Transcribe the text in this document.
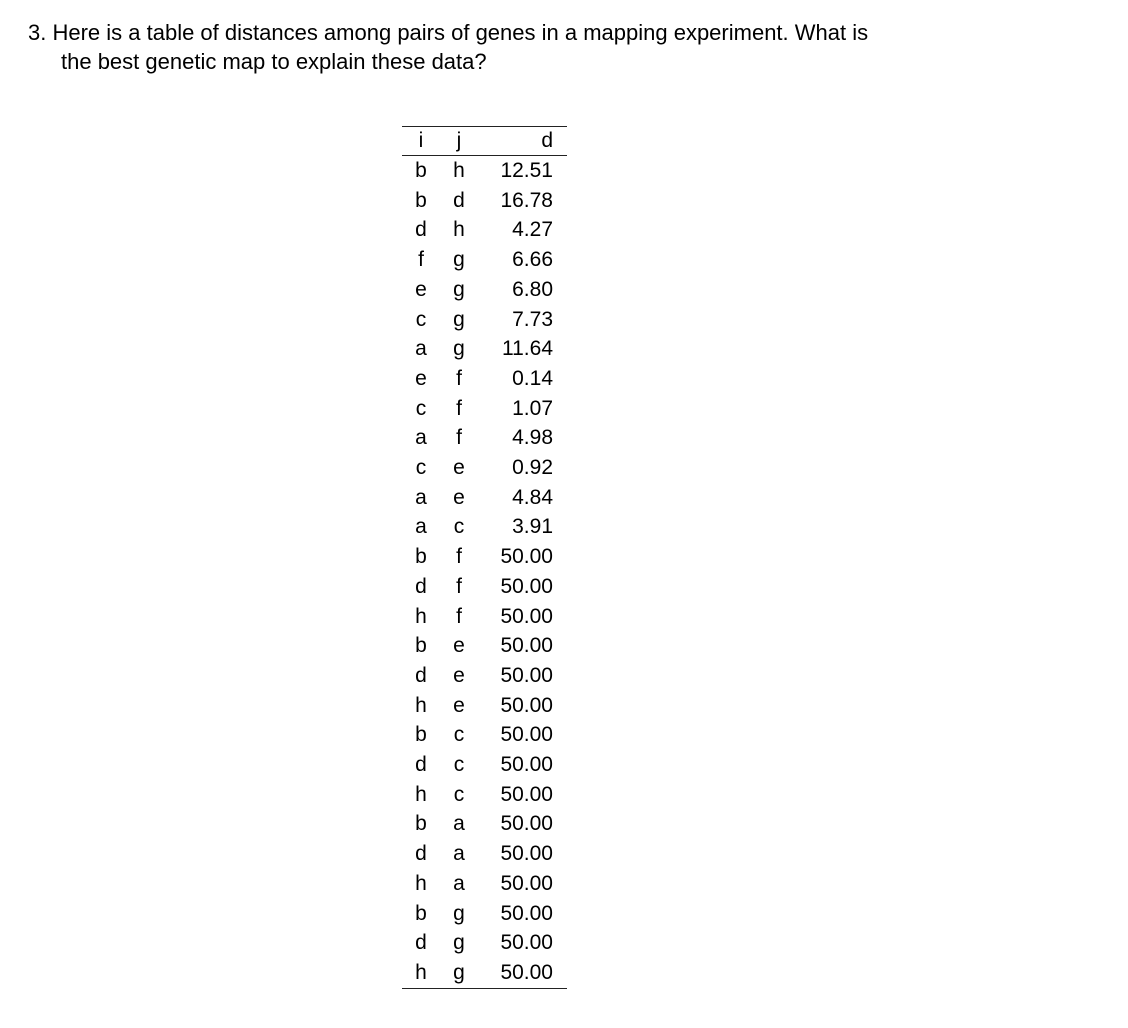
3. Here is a table of distances among pairs of genes in a mapping experiment. What is
the best genetic map to explain these data?
i	j	d
b	h	12.51
b	d	16.78
d	h	4.27
f	g	6.66
e	g	6.80
c	g	7.73
a	g	11.64
e	f	0.14
c	f	1.07
a	f	4.98
c	e	0.92
a	e	4.84
a	c	3.91
b	f	50.00
d	f	50.00
h	f	50.00
b	e	50.00
d	e	50.00
h	e	50.00
b	c	50.00
d	c	50.00
h	c	50.00
b	a	50.00
d	a	50.00
h	a	50.00
b	g	50.00
d	g	50.00
h	g	50.00
